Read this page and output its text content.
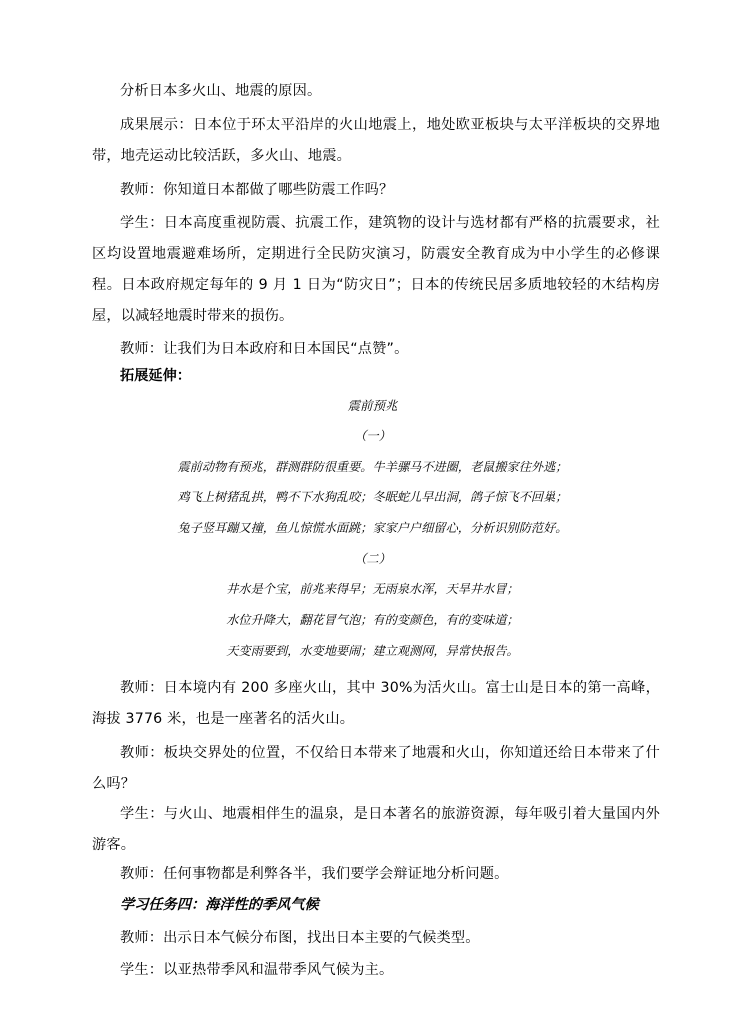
分析日本多火山、地震的原因。
成果展示：日本位于环太平沿岸的火山地震上，地处欧亚板块与太平洋板块的交界地带，地壳运动比较活跃，多火山、地震。
教师：你知道日本都做了哪些防震工作吗？
学生：日本高度重视防震、抗震工作，建筑物的设计与选材都有严格的抗震要求，社区均设置地震避难场所，定期进行全民防灾演习，防震安全教育成为中小学生的必修课程。日本政府规定每年的 9 月 1 日为“防灾日”；日本的传统民居多质地较轻的木结构房屋，以减轻地震时带来的损伤。
教师：让我们为日本政府和日本国民“点赞”。
拓展延伸：
震前预兆
（一）
震前动物有预兆，群测群防很重要。牛羊骡马不进圈，老鼠搬家往外逃；
鸡飞上树猪乱拱，鸭不下水狗乱咬；冬眠蛇儿早出洞，鸽子惊飞不回巢；
兔子竖耳蹦又撞，鱼儿惊慌水面跳；家家户户细留心，分析识别防范好。
（二）
井水是个宝，前兆来得早；无雨泉水浑，天旱井水冒；
水位升降大，翻花冒气泡；有的变颜色，有的变味道；
天变雨要到，水变地要闹；建立观测网，异常快报告。
教师：日本境内有 200 多座火山，其中 30%为活火山。富士山是日本的第一高峰，海拔 3776 米，也是一座著名的活火山。
教师：板块交界处的位置，不仅给日本带来了地震和火山，你知道还给日本带来了什么吗？
学生：与火山、地震相伴生的温泉，是日本著名的旅游资源，每年吸引着大量国内外游客。
教师：任何事物都是利弊各半，我们要学会辩证地分析问题。
学习任务四：海洋性的季风气候
教师：出示日本气候分布图，找出日本主要的气候类型。
学生：以亚热带季风和温带季风气候为主。
